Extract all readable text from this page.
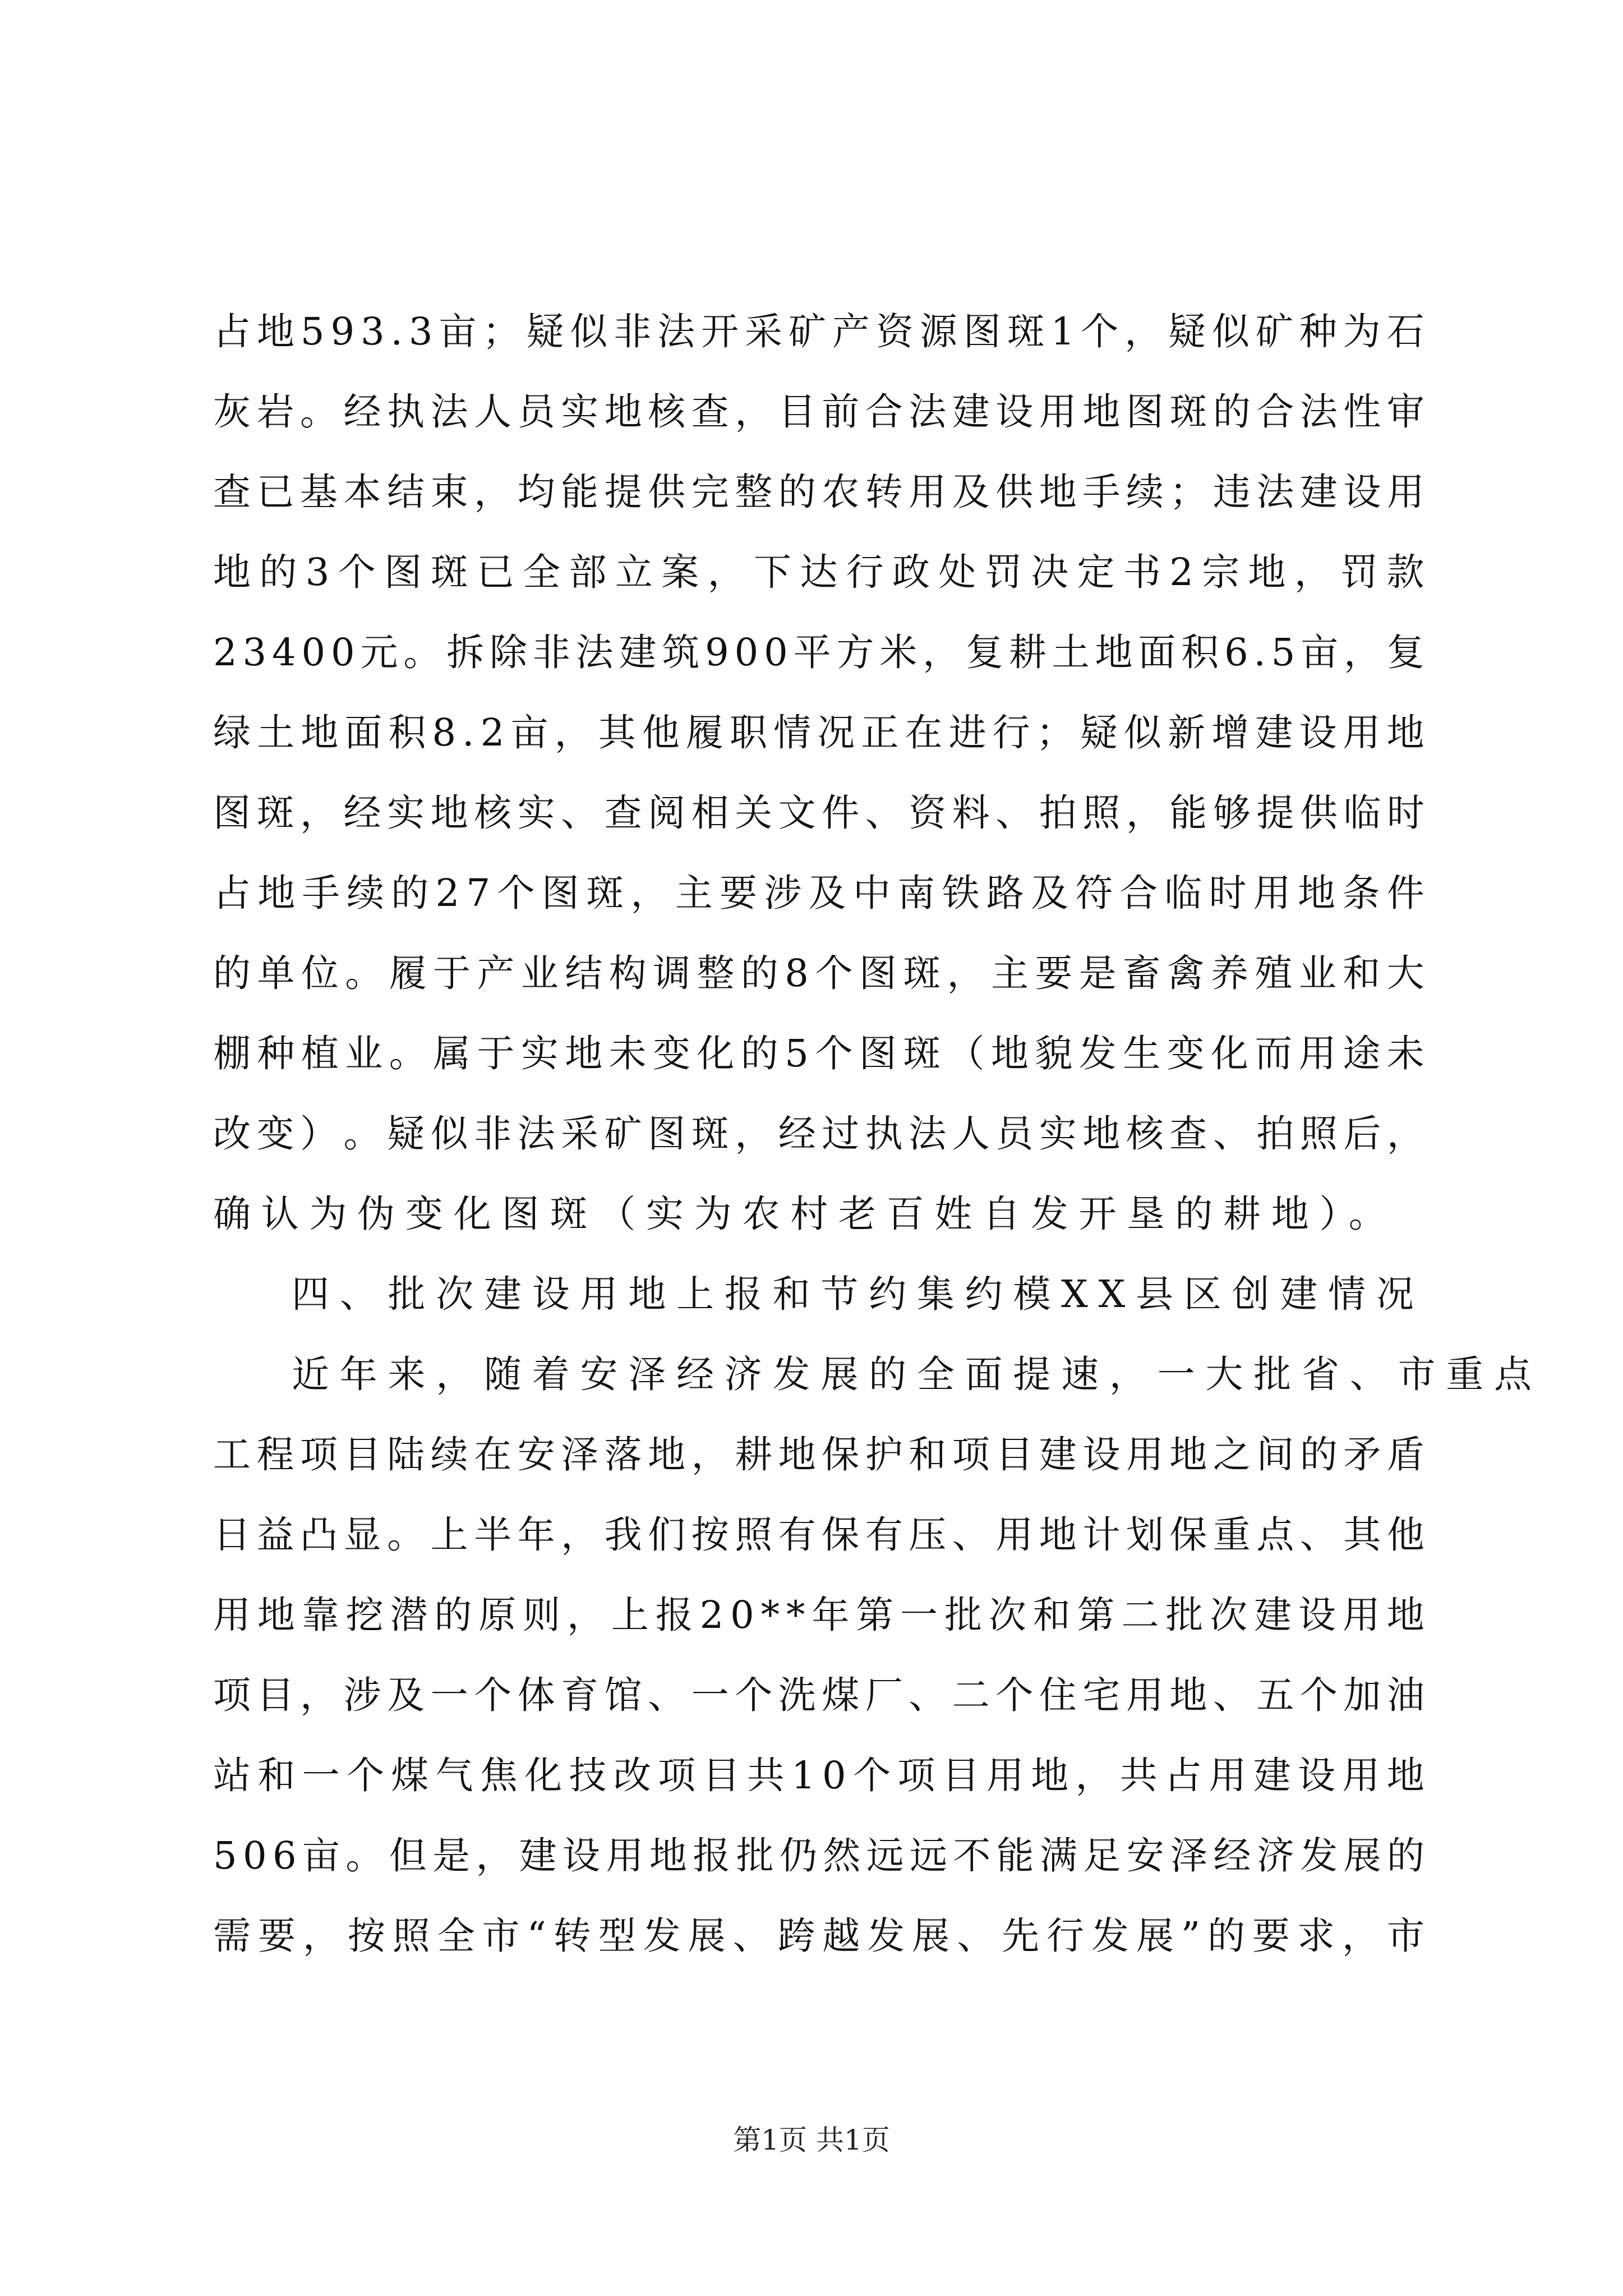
占 地 5 9 3 . 3 亩 ； 疑 似 非 法 开 采 矿 产 资 源 图 斑 1 个 ， 疑 似 矿 种 为 石
灰 岩 。 经 执 法 人 员 实 地 核 查 ， 目 前 合 法 建 设 用 地 图 斑 的 合 法 性 审
查 已 基 本 结 束 ， 均 能 提 供 完 整 的 农 转 用 及 供 地 手 续 ； 违 法 建 设 用
地 的 3 个 图 斑 已 全 部 立 案 ， 下 达 行 政 处 罚 决 定 书 2 宗 地 ， 罚 款
2 3 4 0 0 元 。 拆 除 非 法 建 筑 9 0 0 平 方 米 ， 复 耕 土 地 面 积 6 . 5 亩 ， 复
绿 土 地 面 积 8 . 2 亩 ， 其 他 履 职 情 况 正 在 进 行 ； 疑 似 新 增 建 设 用 地
图 斑 ， 经 实 地 核 实 、 查 阅 相 关 文 件 、 资 料 、 拍 照 ， 能 够 提 供 临 时
占 地 手 续 的 2 7 个 图 斑 ， 主 要 涉 及 中 南 铁 路 及 符 合 临 时 用 地 条 件
的 单 位 。 履 于 产 业 结 构 调 整 的 8 个 图 斑 ， 主 要 是 畜 禽 养 殖 业 和 大
棚 种 植 业 。 属 于 实 地 未 变 化 的 5 个 图 斑 （ 地 貌 发 生 变 化 而 用 途 未
改 变 ） 。 疑 似 非 法 采 矿 图 斑 ， 经 过 执 法 人 员 实 地 核 查 、 拍 照 后 ，
确认为伪变化图斑（实为农村老百姓自发开垦的耕地）。
四、批次建设用地上报和节约集约模XX县区创建情况
近年来，随着安泽经济发展的全面提速，一大批省、市重点
工 程 项 目 陆 续 在 安 泽 落 地 ， 耕 地 保 护 和 项 目 建 设 用 地 之 间 的 矛 盾
日 益 凸 显 。 上 半 年 ， 我 们 按 照 有 保 有 压 、 用 地 计 划 保 重 点 、 其 他
用 地 靠 挖 潜 的 原 则 ， 上 报 2 0 * * 年 第 一 批 次 和 第 二 批 次 建 设 用 地
项 目 ， 涉 及 一 个 体 育 馆 、 一 个 洗 煤 厂 、 二 个 住 宅 用 地 、 五 个 加 油
站 和 一 个 煤 气 焦 化 技 改 项 目 共 1 0 个 项 目 用 地 ， 共 占 用 建 设 用 地
5 0 6 亩 。 但 是 ， 建 设 用 地 报 批 仍 然 远 远 不 能 满 足 安 泽 经 济 发 展 的
需 要 ， 按 照 全 市 “ 转 型 发 展 、 跨 越 发 展 、 先 行 发 展 ” 的 要 求 ， 市
第1页 共1页
